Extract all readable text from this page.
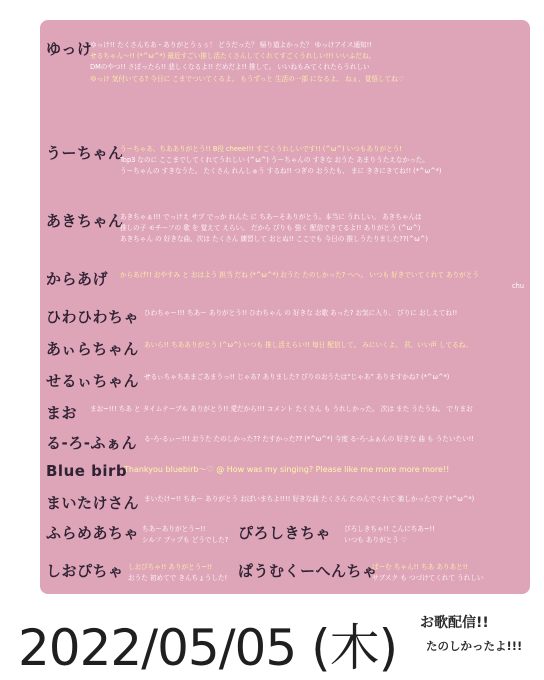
ゆっけ
ゆっけ!! たくさんちあ・ありがとうぅぅ！ どうだった？ 帰り道よかった？ ゆっけアイス通知!!
せるちゃん～!! (*^ω^*) 最近すごい推し活たくさんしてくれてすごくうれしい!!! いいふだね。
DMのやつ!! さぼったら!! 悲しくなるよ!! だめだよ!! 推して。 いいねもみてくれたらうれしい
ゆっけ 気付いてる? 今日に こまでついてくるよ。 もうずっと 生活の一部 になるよ。 ねぇ、覚悟してね♡
うーちゃん
うーちゃあ、ちあありがとう!! B役 cheee!!! すごくうれしいです!! (^ω^) いつもありがとう!
Top3 なのに ここまでしてくれてうれしい (^ω^) うーちゃんの すきな おうた あまりうたえなかった。
うーちゃんの すきなうた。 たくさん れんしゅう するね!! つぎの おうたも、 まに ききにきてね!! (*^ω^*)
あきちゃん
あきちゃぁ!!! でっけえ サブ でっか れんた に ちあーそありがとう。本当に うれしい。 あきちゃんは
推しの子 モチーフの 歌 を 覚えて えらい。 だから ぴりも 強く 配信できてるよ!! ありがとう (^ω^)
あきちゃん の 好きな曲、次は たくさん 練習して おとぬ!! ここでも 今日の 推しうたりました??(^ω^)
からあげ からあげ!! おやすみ と おはよう 担当 だね (*^ω^*) おうた たのしかった? へへ。 いつも 好きでいてくれて ありがとう
chu
ひわひわちゃ ひわちゃー!!! ちあー ありがとう!! ひわちゃん の 好きな お歌 あった? お気に入り、 ぴりに おしえてね!!
あぃらちゃん あいら!! ちあありがとう (^ω^) いつも 推し活えらい!! 毎日 配信して。 みにいくよ。 君、いい声 してるね。
せるぃちゃん せるぃちゃちあまごあまうっ!! じゃあ? ありました? ぴりのおうたは“じゃあ” ありますかね? (*^ω^*)
まお まお~!!! ちあ と タイムテーブル ありがとう!! 愛だから!!! コメント たくさん も うれしかった。 次は また うたうね。 でりまお
る-ろ-ふぁん る-ろ-るぃー!!! おうた たのしかった?? たすかった?? (*^ω^*) 今度 る-ろ-ふぁんの 好きな 曲 も うたいたい!!
Blue birb
Thankyou bluebirb～♡ @ How was my singing? Please like me more more more!!
まいたけさん まいたけ~!! ちあー ありがとう おぼいまちよ!!!! 好きな曲 たくさん たのんでくれて 楽しかったです (*^ω^*)
ふらめあちゃ ちあーありがとう~!!
シルフ ブップも どうでした? ぴろしきちゃ ぴろしきちゃ!! こんにちあ~!!
いつも ありがとう ♡
しおぴちゃ しおぴちゃ!! ありがとう~!!
おうた 初めてで きんちょうした! ぱうむくーへんちゃ
ぱーむ ちゃん!! ちあ ありあと!!
サブスク も つづけてくれて うれしい
2022/05/05 (木) お歌配信!!
たのしかったよ!!!
